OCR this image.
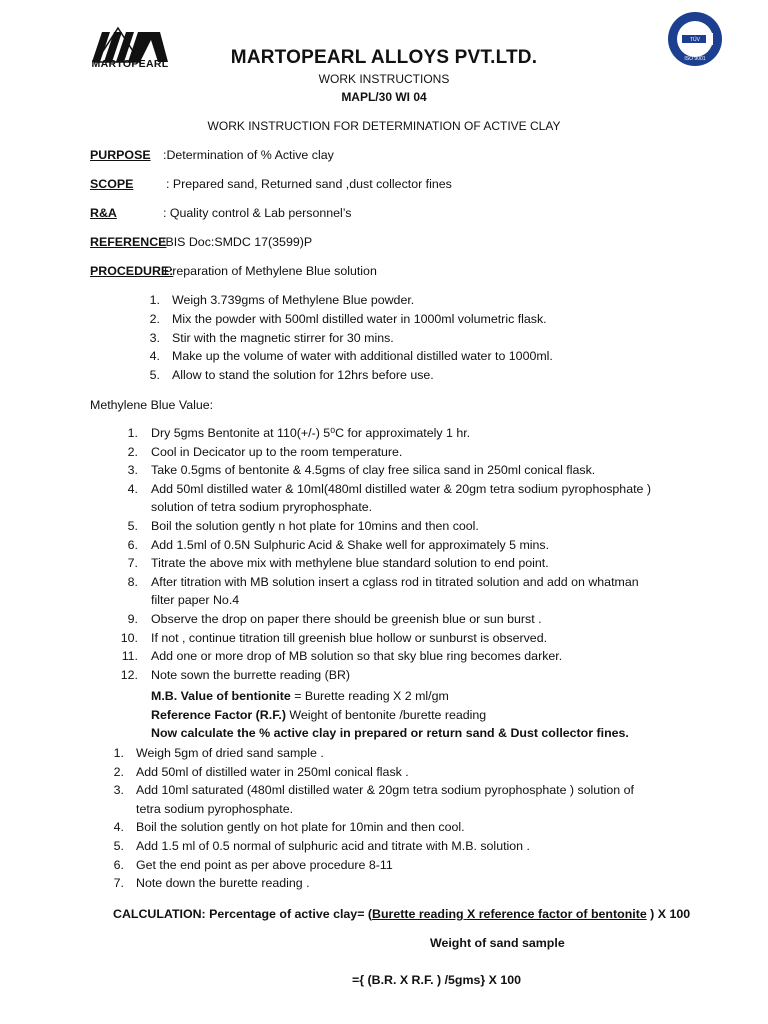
MARTOPEARL
TÜV
ISO 9001
MARTOPEARL ALLOYS PVT.LTD.
WORK INSTRUCTIONS
MAPL/30 WI 04
WORK INSTRUCTION FOR DETERMINATION OF ACTIVE CLAY
PURPOSE :Determination of % Active clay
SCOPE	: Prepared sand, Returned sand ,dust collector fines
R&A	: Quality control & Lab personnel’s
REFERENCE
:BIS Doc:SMDC 17(3599)P
PROCEDURE:
Preparation of Methylene Blue solution
1. Weigh 3.739gms of Methylene Blue powder.
2. Mix the powder with 500ml distilled water in 1000ml volumetric flask.
3. Stir with the magnetic stirrer for 30 mins.
4. Make up the volume of water with additional distilled water to 1000ml.
5. Allow to stand the solution for 12hrs before use.
Methylene Blue Value:
1. Dry 5gms Bentonite at 110(+/-) 5⁰C for approximately 1 hr.
2. Cool in Decicator up to the room temperature.
3. Take 0.5gms of bentonite & 4.5gms of clay free silica sand in 250ml conical flask.
4. Add 50ml distilled water & 10ml(480ml distilled water & 20gm tetra sodium pyrophosphate )
solution of tetra sodium pryrophosphate.
5. Boil the solution gently n hot plate for 10mins and then cool.
6. Add 1.5ml of 0.5N Sulphuric Acid & Shake well for approximately 5 mins.
7. Titrate the above mix with methylene blue standard solution to end point.
8. After titration with MB solution insert a cglass rod in titrated solution and add on whatman
filter paper No.4
9. Observe the drop on paper there should be greenish blue or sun burst .
10. If not , continue titration till greenish blue hollow or sunburst is observed.
11. Add one or more drop of MB solution so that sky blue ring becomes darker.
12. Note sown the burrette reading (BR)
M.B. Value of bentionite = Burette reading X 2 ml/gm
Reference Factor (R.F.) Weight of bentonite /burette reading
Now calculate the % active clay in prepared or return sand & Dust collector fines.
1. Weigh 5gm of dried sand sample .
2. Add 50ml of distilled water in 250ml conical flask .
3. Add 10ml saturated (480ml distilled water & 20gm tetra sodium pyrophosphate ) solution of
tetra sodium pyrophosphate.
4. Boil the solution gently on hot plate for 10min and then cool.
5. Add 1.5 ml of 0.5 normal of sulphuric acid and titrate with M.B. solution .
6. Get the end point as per above procedure 8-11
7. Note down the burette reading .
CALCULATION: Percentage of active clay= (Burette reading X reference factor of bentonite ) X 100
Weight of sand sample
={ (B.R. X R.F. ) /5gms} X 100
